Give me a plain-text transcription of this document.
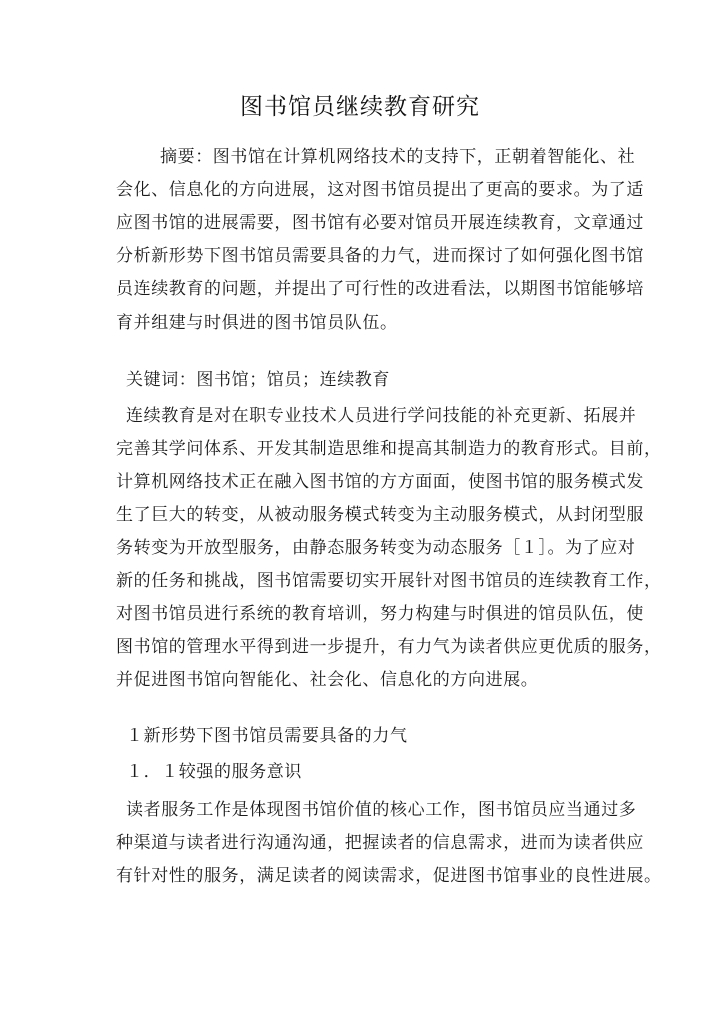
图书馆员继续教育研究
摘要：图书馆在计算机网络技术的支持下，正朝着智能化、社
会化、信息化的方向进展，这对图书馆员提出了更高的要求。为了适
应图书馆的进展需要，图书馆有必要对馆员开展连续教育，文章通过
分析新形势下图书馆员需要具备的力气，进而探讨了如何强化图书馆
员连续教育的问题，并提出了可行性的改进看法，以期图书馆能够培
育并组建与时俱进的图书馆员队伍。
关键词：图书馆；馆员；连续教育
连续教育是对在职专业技术人员进行学问技能的补充更新、拓展并
完善其学问体系、开发其制造思维和提高其制造力的教育形式。目前，
计算机网络技术正在融入图书馆的方方面面，使图书馆的服务模式发
生了巨大的转变，从被动服务模式转变为主动服务模式，从封闭型服
务转变为开放型服务，由静态服务转变为动态服务［１］。为了应对
新的任务和挑战，图书馆需要切实开展针对图书馆员的连续教育工作，
对图书馆员进行系统的教育培训，努力构建与时俱进的馆员队伍，使
图书馆的管理水平得到进一步提升，有力气为读者供应更优质的服务，
并促进图书馆向智能化、社会化、信息化的方向进展。
１新形势下图书馆员需要具备的力气
１．１较强的服务意识
读者服务工作是体现图书馆价值的核心工作，图书馆员应当通过多
种渠道与读者进行沟通沟通，把握读者的信息需求，进而为读者供应
有针对性的服务，满足读者的阅读需求，促进图书馆事业的良性进展。
